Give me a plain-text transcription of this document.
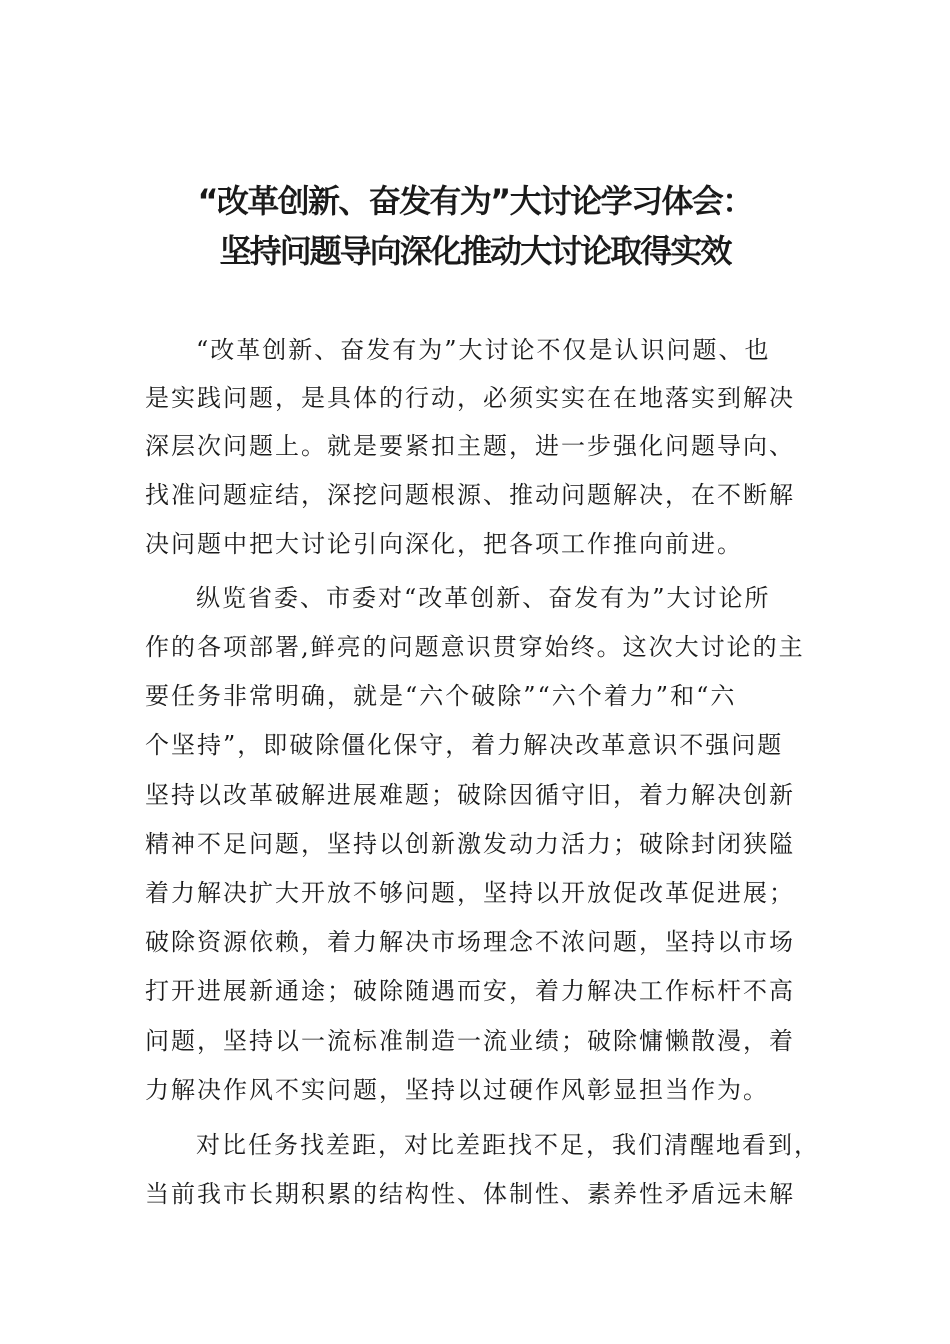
“改革创新、奋发有为”大讨论学习体会：
坚持问题导向深化推动大讨论取得实效
“改革创新、奋发有为”大讨论不仅是认识问题、也
是实践问题，是具体的行动，必须实实在在地落实到解决
深层次问题上。就是要紧扣主题，进一步强化问题导向、
找准问题症结，深挖问题根源、推动问题解决，在不断解
决问题中把大讨论引向深化，把各项工作推向前进。
纵览省委、市委对“改革创新、奋发有为”大讨论所
作的各项部署,鲜亮的问题意识贯穿始终。这次大讨论的主
要任务非常明确，就是“六个破除”“六个着力”和“六
个坚持”，即破除僵化保守，着力解决改革意识不强问题
坚持以改革破解进展难题；破除因循守旧，着力解决创新
精神不足问题，坚持以创新激发动力活力；破除封闭狭隘
着力解决扩大开放不够问题，坚持以开放促改革促进展；
破除资源依赖，着力解决市场理念不浓问题，坚持以市场
打开进展新通途；破除随遇而安，着力解决工作标杆不高
问题，坚持以一流标准制造一流业绩；破除慵懒散漫，着
力解决作风不实问题，坚持以过硬作风彰显担当作为。
对比任务找差距，对比差距找不足，我们清醒地看到，
当前我市长期积累的结构性、体制性、素养性矛盾远未解
